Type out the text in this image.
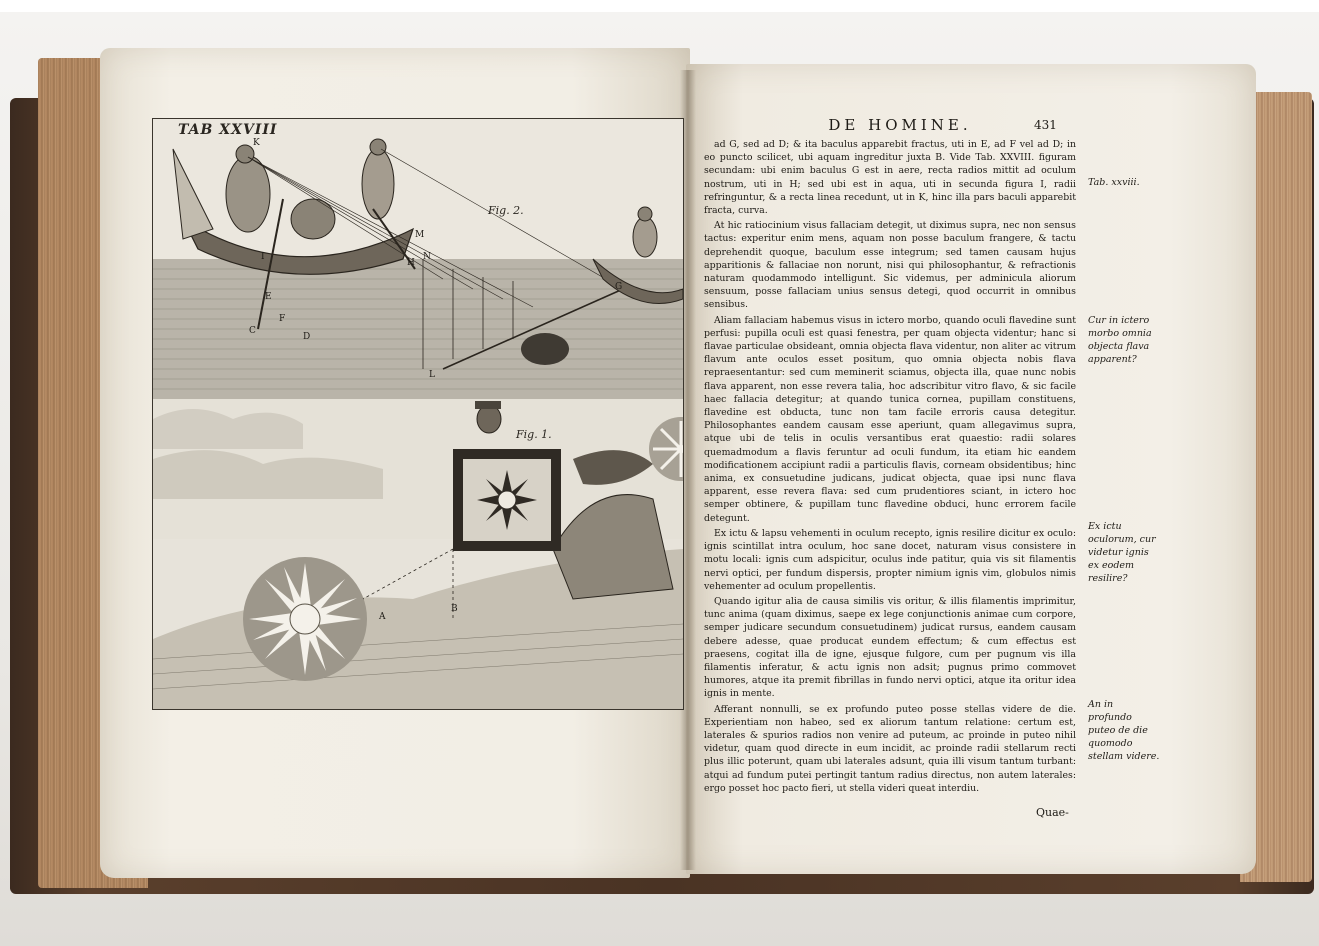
K
I
M
N
E
C
F
D
G
A
B
L
H
TAB XXVIII
Fig. 2.
Fig. 1.
DE HOMINE.	431

ad G, sed ad D; & ita baculus apparebit fractus, uti in E, ad F vel ad D; in eo puncto scilicet, ubi aquam ingreditur juxta B. Vide Tab. XXVIII. figuram secundam: ubi enim baculus G est in aere, recta radios mittit ad oculum nostrum, uti in H; sed ubi est in aqua, uti in secunda figura I, radii refringuntur, & a recta linea recedunt, ut in K, hinc illa pars baculi apparebit fracta, curva.

At hic ratiocinium visus fallaciam detegit, ut diximus supra, nec non sensus tactus: experitur enim mens, aquam non posse baculum frangere, & tactu deprehendit quoque, baculum esse integrum; sed tamen causam hujus apparitionis & fallaciae non norunt, nisi qui philosophantur, & refractionis naturam quodammodo intelligunt. Sic videmus, per adminicula aliorum sensuum, posse fallaciam unius sensus detegi, quod occurrit in omnibus sensibus.

Aliam fallaciam habemus visus in ictero morbo, quando oculi flavedine sunt perfusi: pupilla oculi est quasi fenestra, per quam objecta videntur; hanc si flavae particulae obsideant, omnia objecta flava videntur, non aliter ac vitrum flavum ante oculos esset positum, quo omnia objecta nobis flava repraesentantur: sed cum meminerit sciamus, objecta illa, quae nunc nobis flava apparent, non esse revera talia, hoc adscribitur vitro flavo, & sic facile haec fallacia detegitur; at quando tunica cornea, pupillam constituens, flavedine est obducta, tunc non tam facile erroris causa detegitur. Philosophantes eandem causam esse aperiunt, quam allegavimus supra, atque ubi de telis in oculis versantibus erat quaestio: radii solares quemadmodum a flavis feruntur ad oculi fundum, ita etiam hic eandem modificationem accipiunt radii a particulis flavis, corneam obsidentibus; hinc anima, ex consuetudine judicans, judicat objecta, quae ipsi nunc flava apparent, esse revera flava: sed cum prudentiores sciant, in ictero hoc semper obtinere, & pupillam tunc flavedine obduci, hunc errorem facile detegunt.

Ex ictu & lapsu vehementi in oculum recepto, ignis resilire dicitur ex oculo: ignis scintillat intra oculum, hoc sane docet, naturam visus consistere in motu locali: ignis cum adspicitur, oculus inde patitur, quia vis sit filamentis nervi optici, per fundum dispersis, propter nimium ignis vim, globulos nimis vehementer ad oculum propellentis.

Quando igitur alia de causa similis vis oritur, & illis filamentis imprimitur, tunc anima (quam diximus, saepe ex lege conjunctionis animae cum corpore, semper judicare secundum consuetudinem) judicat rursus, eandem causam debere adesse, quae producat eundem effectum; & cum effectus est praesens, cogitat illa de igne, ejusque fulgore, cum per pugnum vis illa filamentis inferatur, & actu ignis non adsit; pugnus primo commovet humores, atque ita premit fibrillas in fundo nervi optici, atque ita oritur idea ignis in mente.

Afferant nonnulli, se ex profundo puteo posse stellas videre de die. Experientiam non habeo, sed ex aliorum tantum relatione: certum est, laterales & spurios radios non venire ad puteum, ac proinde in puteo nihil videtur, quam quod directe in eum incidit, ac proinde radii stellarum recti plus illic poterunt, quam ubi laterales adsunt, quia illi visum tantum turbant: atqui ad fundum putei pertingit tantum radius directus, non autem laterales: ergo posset hoc pacto fieri, ut stella videri queat interdiu.

Tab. xxviii.
Cur in ictero morbo omnia objecta flava apparent?
Ex ictu oculorum, cur videtur ignis ex eodem resilire?
An in profundo puteo de die quomodo stellam videre.
Quae-
